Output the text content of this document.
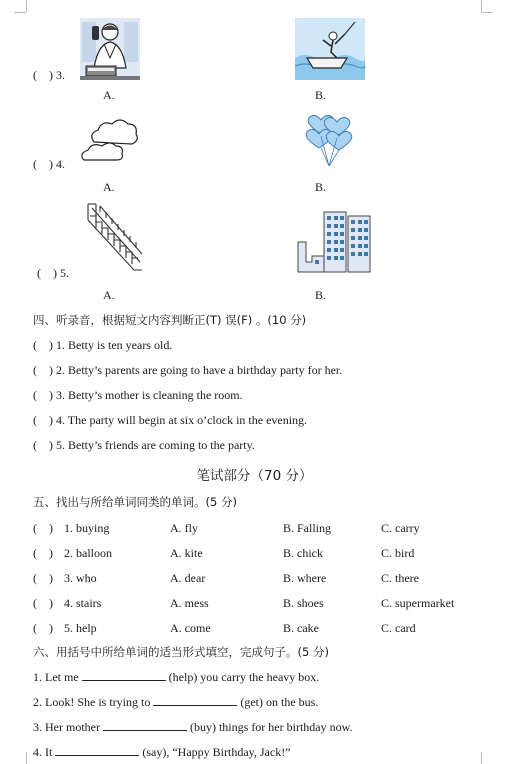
(　) 3.
A.	B.
(　) 4.
A.	B.
(　) 5.
A.	B.
四、听录音，根据短文内容判断正(T) 误(F) 。(10 分)
(　) 1. Betty is ten years old.
(　) 2. Betty’s parents are going to have a birthday party for her.
(　) 3. Betty’s mother is cleaning the room.
(　) 4. The party will begin at six o’clock in the evening.
(　) 5. Betty’s friends are coming to the party.
笔试部分（70 分）
五、找出与所给单词同类的单词。(5 分)
(　) 1. buying	A. fly	B. Falling	C. carry
(　) 2. balloon	A. kite	B. chick	C. bird
(　) 3. who	A. dear	B. where	C. there
(　) 4. stairs	A. mess	B. shoes	C. supermarket
(　) 5. help	A. come	B. cake	C. card
六、用括号中所给单词的适当形式填空，完成句子。(5 分)
1. Let me	(help) you carry the heavy box.
2. Look! She is trying to	(get) on the bus.
3. Her mother	(buy) things for her birthday now.
4. It	(say), “Happy Birthday, Jack!”
